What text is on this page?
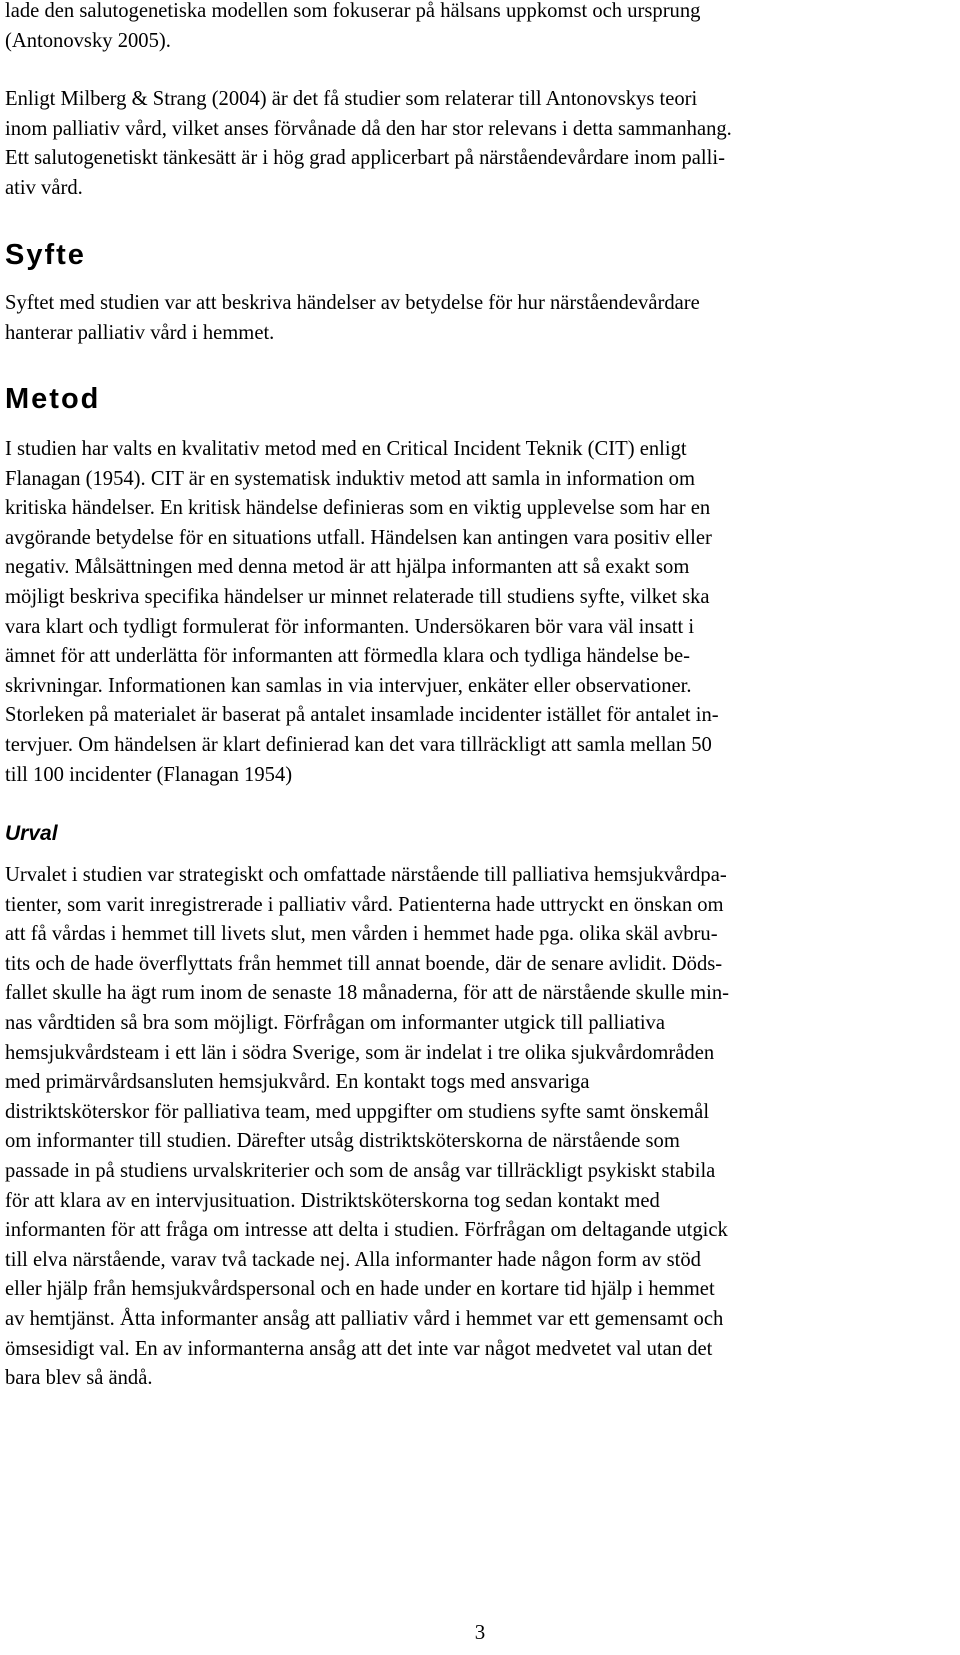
lade den salutogenetiska modellen som fokuserar på hälsans uppkomst och ursprung
(Antonovsky 2005).
Enligt Milberg & Strang (2004) är det få studier som relaterar till Antonovskys teori
inom palliativ vård, vilket anses förvånade då den har stor relevans i detta sammanhang.
Ett salutogenetiskt tänkesätt är i hög grad applicerbart på närståendevårdare inom palli-
ativ vård.
Syfte
Syftet med studien var att beskriva händelser av betydelse för hur närståendevårdare
hanterar palliativ vård i hemmet.
Metod
I studien har valts en kvalitativ metod med en Critical Incident Teknik (CIT) enligt
Flanagan (1954). CIT är en systematisk induktiv metod att samla in information om
kritiska händelser. En kritisk händelse definieras som en viktig upplevelse som har en
avgörande betydelse för en situations utfall. Händelsen kan antingen vara positiv eller
negativ. Målsättningen med denna metod är att hjälpa informanten att så exakt som
möjligt beskriva specifika händelser ur minnet relaterade till studiens syfte, vilket ska
vara klart och tydligt formulerat för informanten. Undersökaren bör vara väl insatt i
ämnet för att underlätta för informanten att förmedla klara och tydliga händelse be-
skrivningar. Informationen kan samlas in via intervjuer, enkäter eller observationer.
Storleken på materialet är baserat på antalet insamlade incidenter istället för antalet in-
tervjuer. Om händelsen är klart definierad kan det vara tillräckligt att samla mellan 50
till 100 incidenter (Flanagan 1954)
Urval
Urvalet i studien var strategiskt och omfattade närstående till palliativa hemsjukvårdpa-
tienter, som varit inregistrerade i palliativ vård. Patienterna hade uttryckt en önskan om
att få vårdas i hemmet till livets slut, men vården i hemmet hade pga. olika skäl avbru-
tits och de hade överflyttats från hemmet till annat boende, där de senare avlidit. Döds-
fallet skulle ha ägt rum inom de senaste 18 månaderna, för att de närstående skulle min-
nas vårdtiden så bra som möjligt. Förfrågan om informanter utgick till palliativa
hemsjukvårdsteam i ett län i södra Sverige, som är indelat i tre olika sjukvårdområden
med primärvårdsansluten hemsjukvård. En kontakt togs med ansvariga
distriktsköterskor för palliativa team, med uppgifter om studiens syfte samt önskemål
om informanter till studien. Därefter utsåg distriktsköterskorna de närstående som
passade in på studiens urvalskriterier och som de ansåg var tillräckligt psykiskt stabila
för att klara av en intervjusituation. Distriktsköterskorna tog sedan kontakt med
informanten för att fråga om intresse att delta i studien. Förfrågan om deltagande utgick
till elva närstående, varav två tackade nej. Alla informanter hade någon form av stöd
eller hjälp från hemsjukvårdspersonal och en hade under en kortare tid hjälp i hemmet
av hemtjänst. Åtta informanter ansåg att palliativ vård i hemmet var ett gemensamt och
ömsesidigt val. En av informanterna ansåg att det inte var något medvetet val utan det
bara blev så ändå.
3
